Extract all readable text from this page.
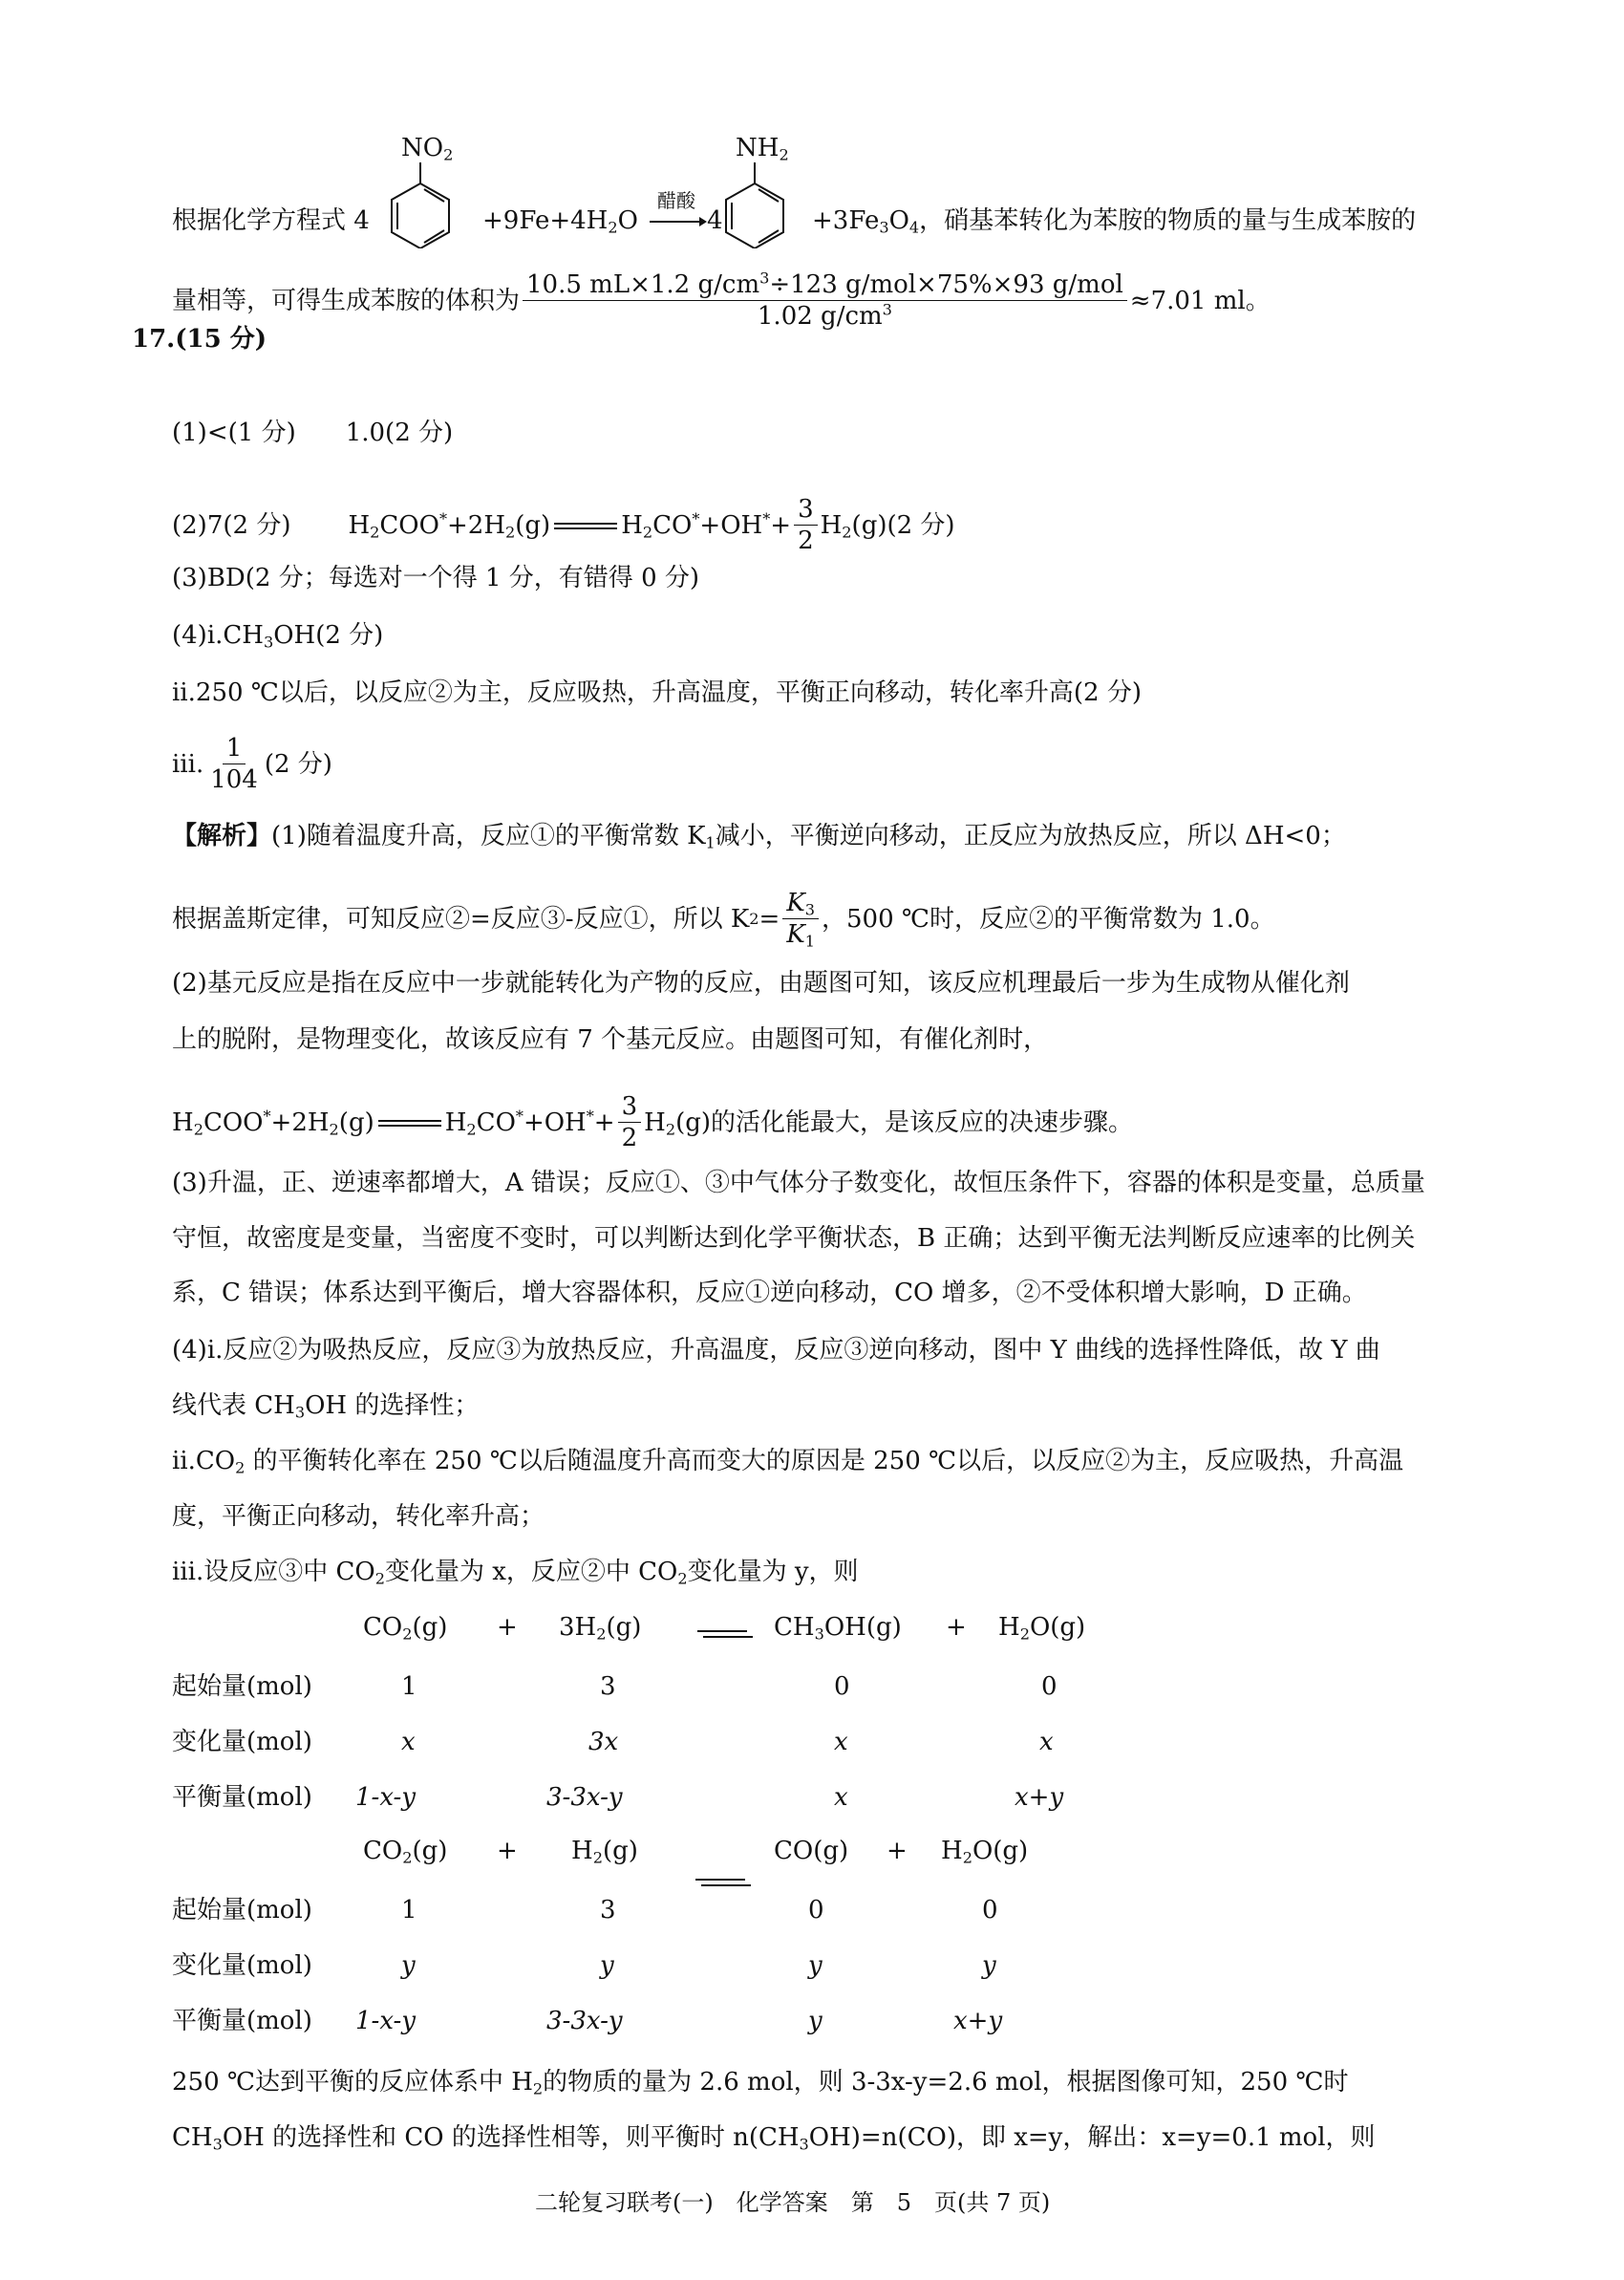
$NO_2$	$NH_2$
根据化学方程式 4	$+9Fe+4H_2O$
醋酸
→ 4	$+3Fe_3O_4$，硝基苯转化为苯胺的物质的量与生成苯胺的
量相等，可得生成苯胺的体积为 $\frac{10.5 mL\times 1.2 g/cm^3\div 123 g/mol\times 75\%\times 93 g/mol}{1.02 g/cm^3} \approx 7.01$ ml。
17.(15 分)
(1)<(1 分)　　1.0(2 分)
(2)7(2 分) $H_2COO^*+2H_2(g)$	$H_2CO^*+OH^*+ \frac{3}{2} H_2(g)(2$ 分)
(3)BD(2 分；每选对一个得 1 分，有错得 0 分)
$(4)ⅰ.CH_3OH(2$ 分)
ⅱ.250 ℃以后，以反应②为主，反应吸热，升高温度，平衡正向移动，转化率升高(2 分)
ⅲ. $\frac{1}{104} (2$ 分)
【解析】(1)随着温度升高，反应①的平衡常数 $K_1$减小，平衡逆向移动，正反应为放热反应，所以 ΔH<0；
根据盖斯定律，可知反应②=反应③-反应①，所以 K $2 = \frac{K_3}{K_1}$ ，500 ℃时，反应②的平衡常数为 1.0。
(2)基元反应是指在反应中一步就能转化为产物的反应，由题图可知，该反应机理最后一步为生成物从催化剂
上的脱附，是物理变化，故该反应有 7 个基元反应。由题图可知，有催化剂时，
$H_2COO^*+2H_2(g)$	$H_2CO^*+OH^*+ \frac{3}{2} H_2(g)$的活化能最大，是该反应的决速步骤。
(3)升温，正、逆速率都增大，A 错误；反应①、③中气体分子数变化，故恒压条件下，容器的体积是变量，总质量
守恒，故密度是变量，当密度不变时，可以判断达到化学平衡状态，B 正确；达到平衡无法判断反应速率的比例关
系，C 错误；体系达到平衡后，增大容器体积，反应①逆向移动，CO 增多，②不受体积增大影响，D 正确。
(4)ⅰ.反应②为吸热反应，反应③为放热反应，升高温度，反应③逆向移动，图中 Y 曲线的选择性降低，故 Y 曲
线代表 $CH_3OH$ 的选择性；
$ⅱ.CO_2$ 的平衡转化率在 250 ℃以后随温度升高而变大的原因是 250 ℃以后，以反应②为主，反应吸热，升高温
度，平衡正向移动，转化率升高；
ⅲ.设反应③中 $CO_2$变化量为 x，反应②中 $CO_2$变化量为 y，则
$CO_2(g) + 3H_2(g)$	$CH_3OH(g) + H_2O(g)$
起始量(mol)	1	3	0	0
变化量(mol)	x	3x	x	x
平衡量(mol) 1-x-y	3-3x-y	x	x+y
$CO_2(g) + H_2(g)$	$CO(g) + H_2O(g)$
起始量(mol)	1	3	0	0
变化量(mol)	y	y	y	y
平衡量(mol) 1-x-y	3-3x-y	y	x+y
250 ℃达到平衡的反应体系中 $H_2$的物质的量为 2.6 mol，则 3-3x-y=2.6 mol，根据图像可知，250 ℃时
$CH_3OH$ 的选择性和 CO 的选择性相等，则平衡时 $n(CH_3OH)=n(CO)$，即 x=y，解出：x=y=0.1 mol，则
二轮复习联考(一)　化学答案　第　5　页(共 7 页)
